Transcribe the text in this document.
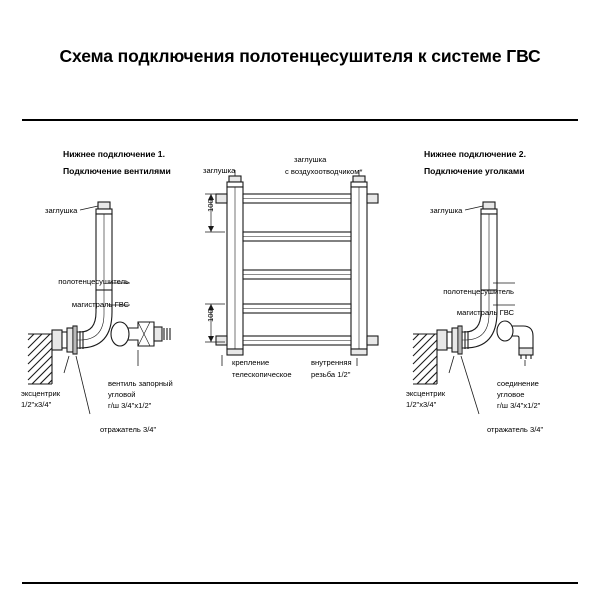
Схема подключения полотенцесушителя к системе ГВС
Нижнее подключение 1.
Подключение вентилями
заглушка
полотенцесушитель
магистраль ГВС
эксцентрик
1/2"х3/4"
вентиль запорный
угловой
г/ш 3/4"х1/2"
отражатель 3/4"
заглушка
заглушка
с воздухоотводчиком*
100
100
крепление
телескопическое
внутренняя
резьба 1/2"
Нижнее подключение 2.
Подключение уголками
заглушка
полотенцесушитель
магистраль ГВС
эксцентрик
1/2"х3/4"
соединение
угловое
г/ш 3/4"х1/2"
отражатель 3/4"
